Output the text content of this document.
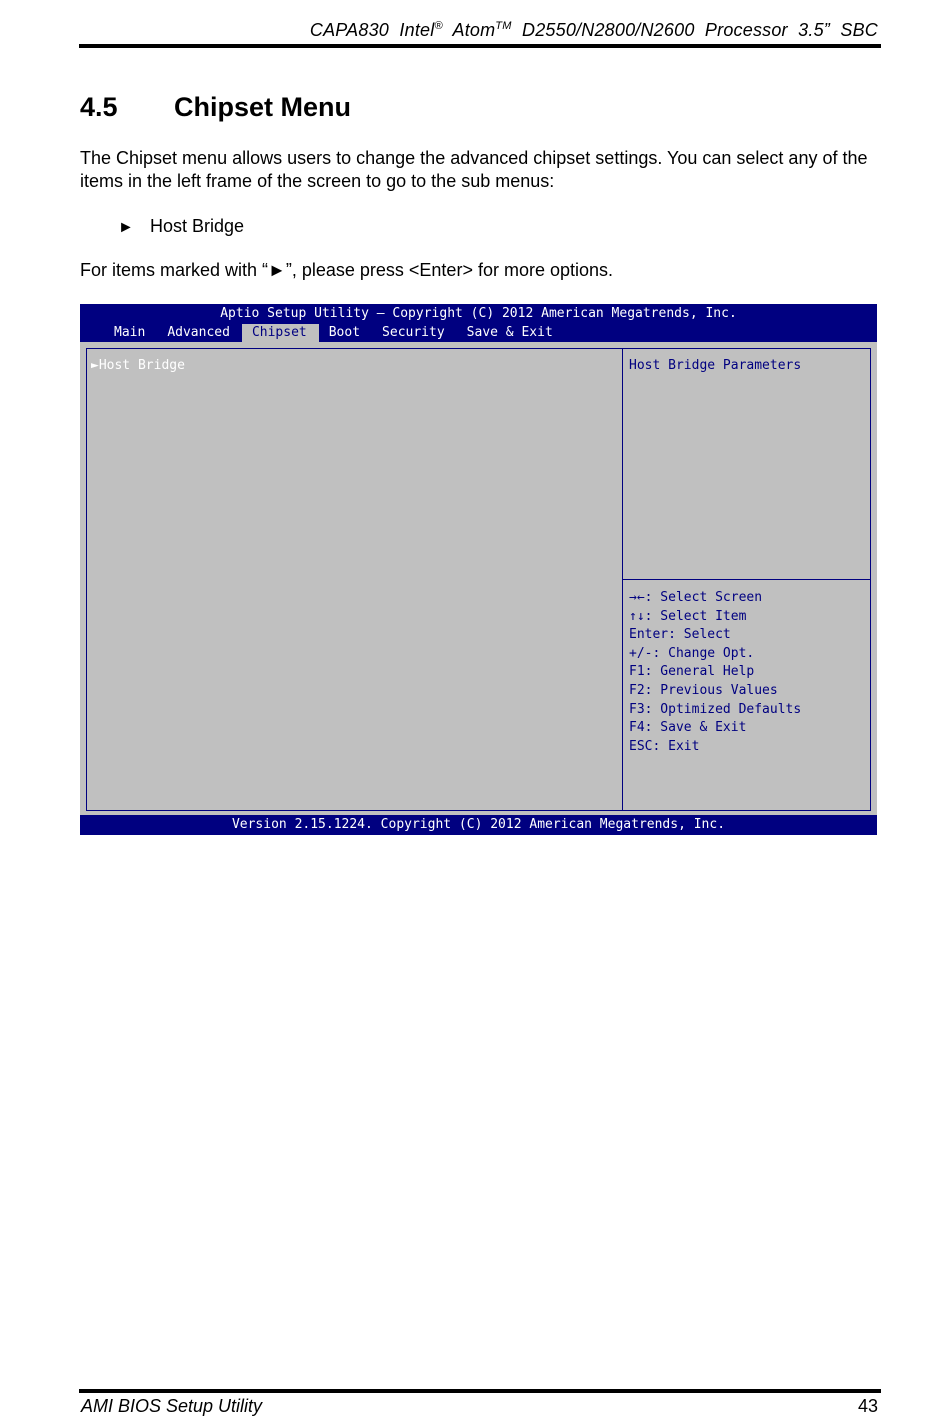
CAPA830 Intel® Atom™ D2550/N2800/N2600  Processor  3.5”  SBC
4.5 Chipset Menu
The Chipset menu allows users to change the advanced chipset settings. You can select any of the items in the left frame of the screen to go to the sub menus:
► Host Bridge
For items marked with “►”, please press <Enter> for more options.
Aptio Setup Utility – Copyright (C) 2012 American Megatrends, Inc.
Main	Advanced	Chipset	Boot	Security	Save & Exit
►Host Bridge	Host Bridge Parameters
→←: Select Screen
↑↓: Select Item
Enter: Select
+/-: Change Opt.
F1: General Help
F2: Previous Values
F3: Optimized Defaults
F4: Save & Exit
ESC: Exit
Version 2.15.1224. Copyright (C) 2012 American Megatrends, Inc.
AMI BIOS Setup Utility	43
